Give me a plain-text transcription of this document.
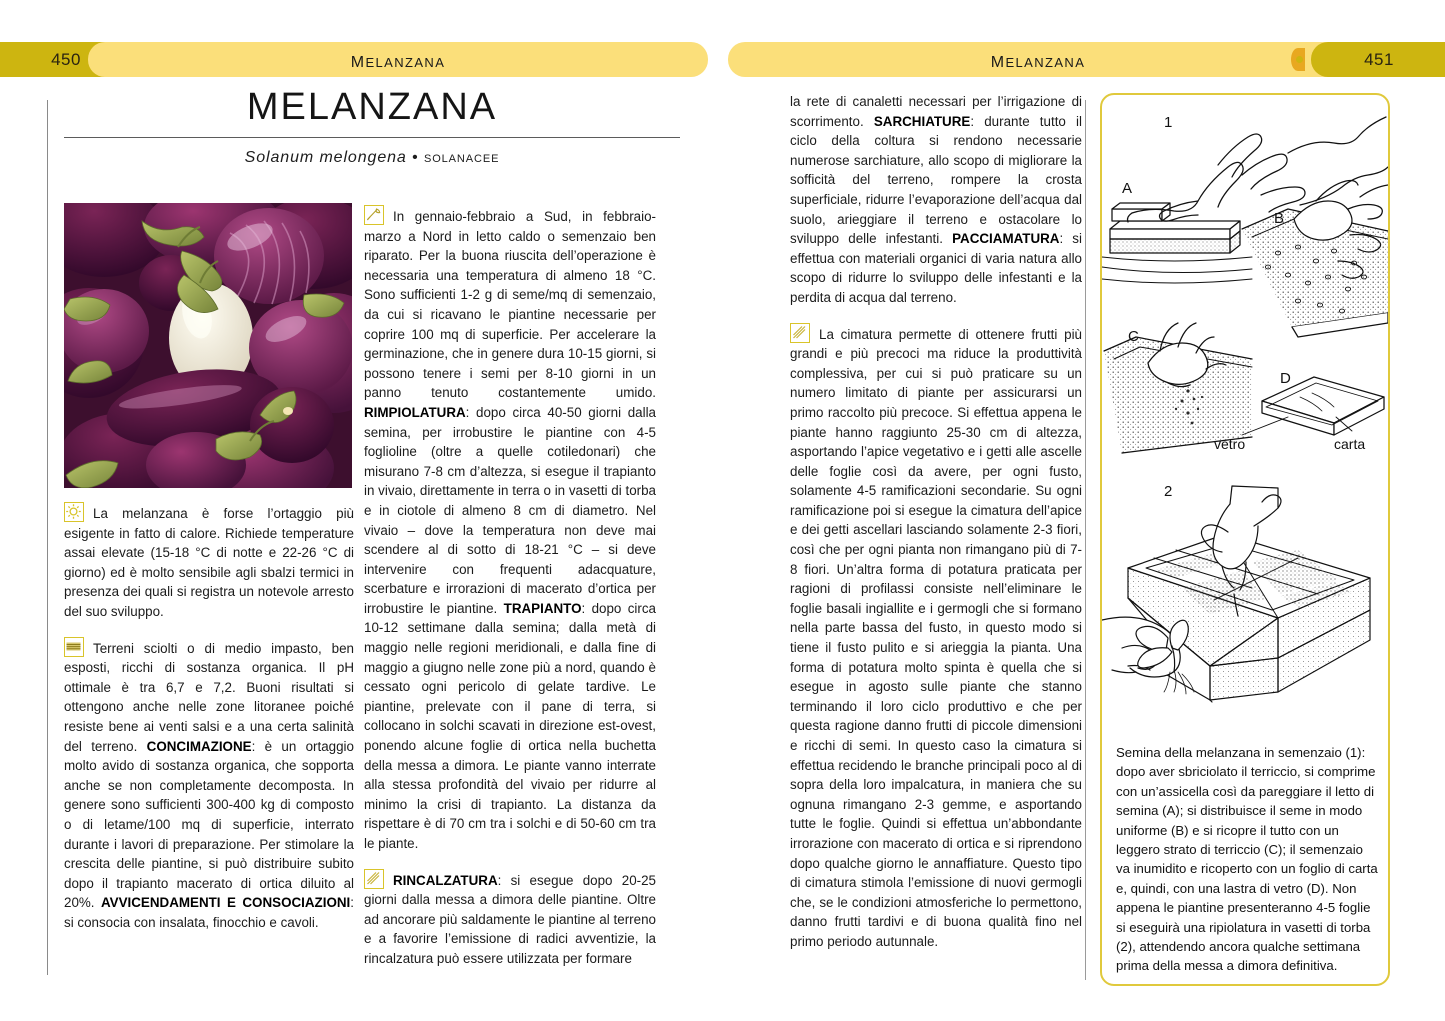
450	melanzana	melanzana	451
MELANZANA
Solanum melongena • solanacee

La melanzana è forse l’ortaggio più esigente in fatto di calore. Richiede temperature assai elevate (15-18 °C di notte e 22-26 °C di giorno) ed è molto sensibile agli sbalzi termici in presenza dei quali si registra un notevole arresto del suo sviluppo.

Terreni sciolti o di medio impasto, ben esposti, ricchi di sostanza organica. Il pH ottimale è tra 6,7 e 7,2. Buoni risultati si ottengono anche nelle zone litoranee poiché resiste bene ai venti salsi e a una certa salinità del terreno. CONCIMAZIONE: è un ortaggio molto avido di sostanza organica, che sopporta anche se non completamente decomposta. In genere sono sufficienti 300-400 kg di composto o di letame/100 mq di superficie, interrato durante i lavori di preparazione. Per stimolare la crescita delle piantine, si può distribuire subito dopo il trapianto macerato di ortica diluito al 20%. AVVICENDAMENTI E CONSOCIAZIONI: si consocia con insalata, finocchio e cavoli.

In gennaio-febbraio a Sud, in febbraio-marzo a Nord in letto caldo o semenzaio ben riparato. Per la buona riuscita dell’operazione è necessaria una temperatura di almeno 18 °C. Sono sufficienti 1-2 g di seme/mq di semenzaio, da cui si ricavano le piantine necessarie per coprire 100 mq di superficie. Per accelerare la germinazione, che in genere dura 10-15 giorni, si possono tenere i semi per 8-10 giorni in un panno tenuto costantemente umido. RIMPIOLATURA: dopo circa 40-50 giorni dalla semina, per irrobustire le piantine con 4-5 foglioline (oltre a quelle cotiledonari) che misurano 7-8 cm d’altezza, si esegue il trapianto in vivaio, direttamente in terra o in vasetti di torba e in ciotole di almeno 8 cm di diametro. Nel vivaio – dove la temperatura non deve mai scendere al di sotto di 18-21 °C – si deve intervenire con frequenti adacquature, scerbature e irrorazioni di macerato d’ortica per irrobustire le piantine. TRAPIANTO: dopo circa 10-12 settimane dalla semina; dalla metà di maggio nelle regioni meridionali, e dalla fine di maggio a giugno nelle zone più a nord, quando è cessato ogni pericolo di gelate tardive. Le piantine, prelevate con il pane di terra, si collocano in solchi scavati in direzione est-ovest, ponendo alcune foglie di ortica nella buchetta della messa a dimora. Le piante vanno interrate alla stessa profondità del vivaio per ridurre al minimo la crisi di trapianto. La distanza da rispettare è di 70 cm tra i solchi e di 50-60 cm tra le piante.

RINCALZATURA: si esegue dopo 20-25 giorni dalla messa a dimora delle piantine. Oltre ad ancorare più saldamente le piantine al terreno e a favorire l’emissione di radici avventizie, la rincalzatura può essere utilizzata per formare

la rete di canaletti necessari per l’irrigazione di scorrimento. SARCHIATURE: durante tutto il ciclo della coltura si rendono necessarie numerose sarchiature, allo scopo di migliorare la sofficità del terreno, rompere la crosta superficiale, ridurre l’evaporazione dell’acqua dal suolo, arieggiare il terreno e ostacolare lo sviluppo delle infestanti. PACCIAMATURA: si effettua con materiali organici di varia natura allo scopo di ridurre lo sviluppo delle infestanti e la perdita di acqua dal terreno.

La cimatura permette di ottenere frutti più grandi e più precoci ma riduce la produttività complessiva, per cui si può praticare su un numero limitato di piante per assicurarsi un primo raccolto più precoce. Si effettua appena le piante hanno raggiunto 25-30 cm di altezza, asportando l’apice vegetativo e i getti alle ascelle delle foglie così da avere, per ogni fusto, solamente 4-5 ramificazioni secondarie. Su ogni ramificazione poi si esegue la cimatura dell’apice e dei getti ascellari lasciando solamente 2-3 fiori, così che per ogni pianta non rimangano più di 7-8 fiori. Un’altra forma di potatura praticata per ragioni di profilassi consiste nell’eliminare le foglie basali ingiallite e i germogli che si formano nella parte bassa del fusto, in questo modo si tiene il fusto pulito e si arieggia la pianta. Una forma di potatura molto spinta è quella che si esegue in agosto sulle piante che stanno terminando il loro ciclo produttivo e che per questa ragione danno frutti di piccole dimensioni e ricchi di semi. In questo caso la cimatura si effettua recidendo le branche principali poco al di sopra della loro impalcatura, in maniera che su ognuna rimangano 2-3 gemme, e asportando tutte le foglie. Quindi si effettua un’abbondante irrorazione con macerato di ortica e si riprendono dopo qualche giorno le annaffiature. Questo tipo di cimatura stimola l’emissione di nuovi germogli che, se le condizioni atmosferiche lo permettono, danno frutti tardivi e di buona qualità fino nel primo periodo autunnale.

1
A
B
C
D
vetro	carta
2
Semina della melanzana in semenzaio (1): dopo aver sbriciolato il terriccio, si comprime con un’assicella così da pareggiare il letto di semina (A); si distribuisce il seme in modo uniforme (B) e si ricopre il tutto con un leggero strato di terriccio (C); il semenzaio va inumidito e ricoperto con un foglio di carta e, quindi, con una lastra di vetro (D). Non appena le piantine presenteranno 4-5 foglie si eseguirà una ripiolatura in vasetti di torba (2), attendendo ancora qualche settimana prima della messa a dimora definitiva.
